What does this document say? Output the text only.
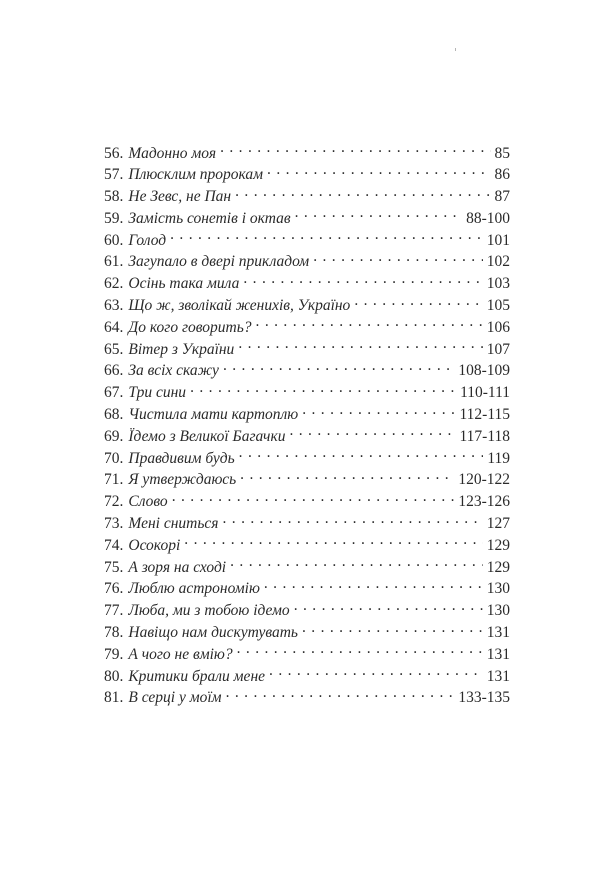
56. Мадонно моя . . .	85
57. Плюсклим пророкам . . .	86
58. Не Зевс, не Пан . . .	87
59. Замість сонетів і октав . . .	88-100
60. Голод . . .	101
61. Загупало в двері прикладом . . .	102
62. Осінь така мила . . .	103
63. Що ж, зволікай женихів, Україно . . .	105
64. До кого говорить? . . .	106
65. Вітер з України . . .	107
66. За всіх скажу . . .	108-109
67. Три сини . . .	110-111
68. Чистила мати картоплю . . .	112-115
69. Їдемо з Великої Багачки . . .	117-118
70. Правдивим будь . . .	119
71. Я утверждаюсь . . .	120-122
72. Слово . . .	123-126
73. Мені сниться . . .	127
74. Осокорі . . .	129
75. А зоря на сході . . .	129
76. Люблю астрономію . . .	130
77. Люба, ми з тобою ідемо . . .	130
78. Навіщо нам дискутувать . . .	131
79. А чого не вмію? . . .	131
80. Критики брали мене . . .	131
81. В серці у моїм . . .	133-135
